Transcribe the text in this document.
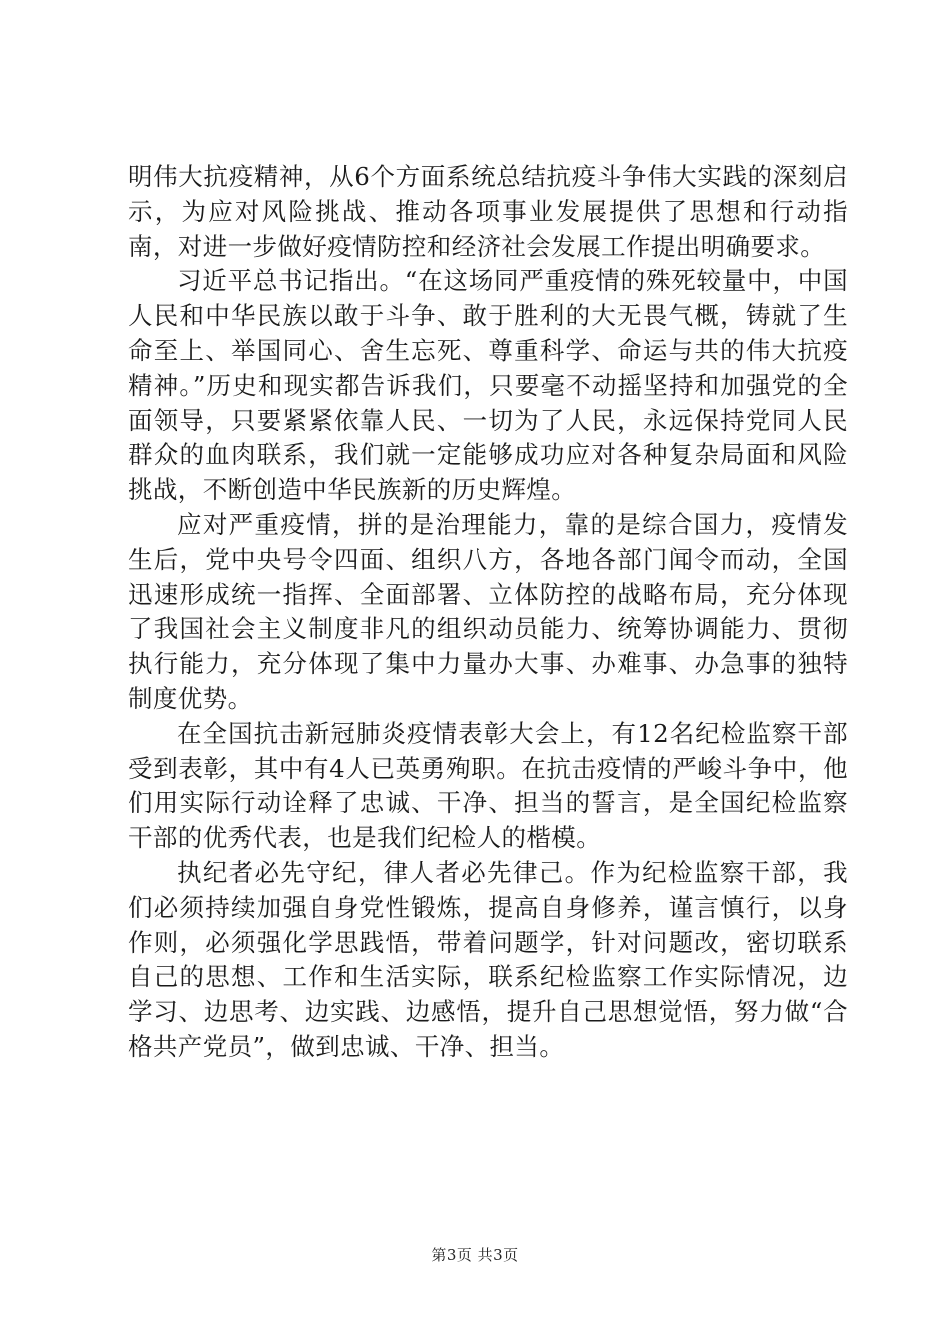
明伟大抗疫精神，从6个方面系统总结抗疫斗争伟大实践的深刻启示，为应对风险挑战、推动各项事业发展提供了思想和行动指南，对进一步做好疫情防控和经济社会发展工作提出明确要求。

习近平总书记指出。“在这场同严重疫情的殊死较量中，中国人民和中华民族以敢于斗争、敢于胜利的大无畏气概，铸就了生命至上、举国同心、舍生忘死、尊重科学、命运与共的伟大抗疫精神。”历史和现实都告诉我们，只要毫不动摇坚持和加强党的全面领导，只要紧紧依靠人民、一切为了人民，永远保持党同人民群众的血肉联系，我们就一定能够成功应对各种复杂局面和风险挑战，不断创造中华民族新的历史辉煌。

应对严重疫情，拼的是治理能力，靠的是综合国力，疫情发生后，党中央号令四面、组织八方，各地各部门闻令而动，全国迅速形成统一指挥、全面部署、立体防控的战略布局，充分体现了我国社会主义制度非凡的组织动员能力、统筹协调能力、贯彻执行能力，充分体现了集中力量办大事、办难事、办急事的独特制度优势。

在全国抗击新冠肺炎疫情表彰大会上，有12名纪检监察干部受到表彰，其中有4人已英勇殉职。在抗击疫情的严峻斗争中，他们用实际行动诠释了忠诚、干净、担当的誓言，是全国纪检监察干部的优秀代表，也是我们纪检人的楷模。

执纪者必先守纪，律人者必先律己。作为纪检监察干部，我们必须持续加强自身党性锻炼，提高自身修养，谨言慎行，以身作则，必须强化学思践悟，带着问题学，针对问题改，密切联系自己的思想、工作和生活实际，联系纪检监察工作实际情况，边学习、边思考、边实践、边感悟，提升自己思想觉悟，努力做“合格共产党员”，做到忠诚、干净、担当。

第3页 共3页
